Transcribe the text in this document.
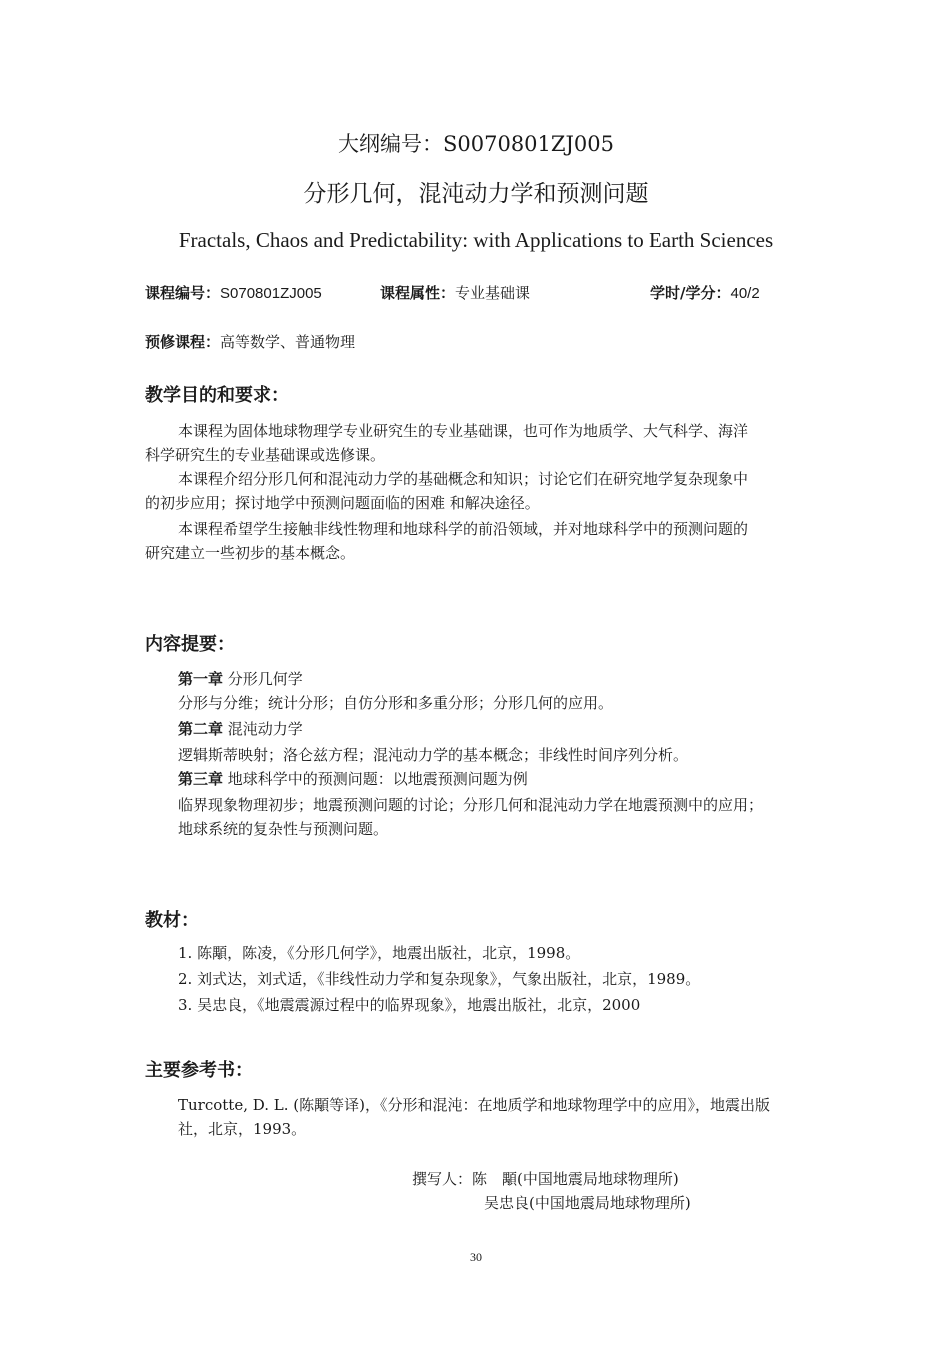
大纲编号：S0070801ZJ005
分形几何，混沌动力学和预测问题
Fractals, Chaos and Predictability: with Applications to Earth Sciences
课程编号：S070801ZJ005	课程属性：专业基础课	学时/学分：40/2
预修课程：高等数学、普通物理
教学目的和要求：
本课程为固体地球物理学专业研究生的专业基础课，也可作为地质学、大气科学、海洋
科学研究生的专业基础课或选修课。
本课程介绍分形几何和混沌动力学的基础概念和知识；讨论它们在研究地学复杂现象中
的初步应用；探讨地学中预测问题面临的困难 和解决途径。
本课程希望学生接触非线性物理和地球科学的前沿领域，并对地球科学中的预测问题的
研究建立一些初步的基本概念。
内容提要：
第一章 分形几何学
分形与分维；统计分形；自仿分形和多重分形；分形几何的应用。
第二章 混沌动力学
逻辑斯蒂映射；洛仑兹方程；混沌动力学的基本概念；非线性时间序列分析。
第三章 地球科学中的预测问题：以地震预测问题为例
临界现象物理初步；地震预测问题的讨论；分形几何和混沌动力学在地震预测中的应用；
地球系统的复杂性与预测问题。
教材：
1. 陈顒，陈凌，《分形几何学》，地震出版社，北京，1998。
2. 刘式达，刘式适，《非线性动力学和复杂现象》，气象出版社，北京，1989。
3. 吴忠良，《地震震源过程中的临界现象》，地震出版社，北京，2000
主要参考书：
Turcotte, D. L. (陈顒等译)，《分形和混沌：在地质学和地球物理学中的应用》，地震出版
社，北京，1993。
撰写人：陈　顒(中国地震局地球物理所)
吴忠良(中国地震局地球物理所)
30
